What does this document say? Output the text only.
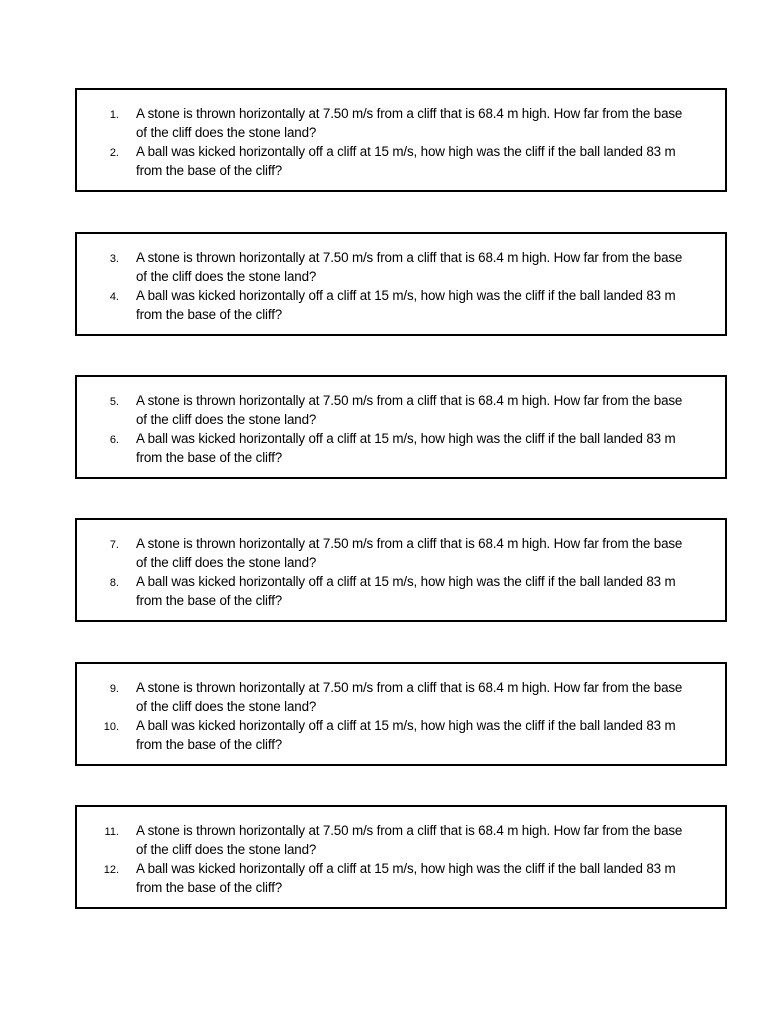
1. A stone is thrown horizontally at 7.50 m/s from a cliff that is 68.4 m high. How far from the base of the cliff does the stone land?
2. A ball was kicked horizontally off a cliff at 15 m/s, how high was the cliff if the ball landed 83 m from the base of the cliff?
3. A stone is thrown horizontally at 7.50 m/s from a cliff that is 68.4 m high. How far from the base of the cliff does the stone land?
4. A ball was kicked horizontally off a cliff at 15 m/s, how high was the cliff if the ball landed 83 m from the base of the cliff?
5. A stone is thrown horizontally at 7.50 m/s from a cliff that is 68.4 m high. How far from the base of the cliff does the stone land?
6. A ball was kicked horizontally off a cliff at 15 m/s, how high was the cliff if the ball landed 83 m from the base of the cliff?
7. A stone is thrown horizontally at 7.50 m/s from a cliff that is 68.4 m high. How far from the base of the cliff does the stone land?
8. A ball was kicked horizontally off a cliff at 15 m/s, how high was the cliff if the ball landed 83 m from the base of the cliff?
9. A stone is thrown horizontally at 7.50 m/s from a cliff that is 68.4 m high. How far from the base of the cliff does the stone land?
10. A ball was kicked horizontally off a cliff at 15 m/s, how high was the cliff if the ball landed 83 m from the base of the cliff?
11. A stone is thrown horizontally at 7.50 m/s from a cliff that is 68.4 m high. How far from the base of the cliff does the stone land?
12. A ball was kicked horizontally off a cliff at 15 m/s, how high was the cliff if the ball landed 83 m from the base of the cliff?
